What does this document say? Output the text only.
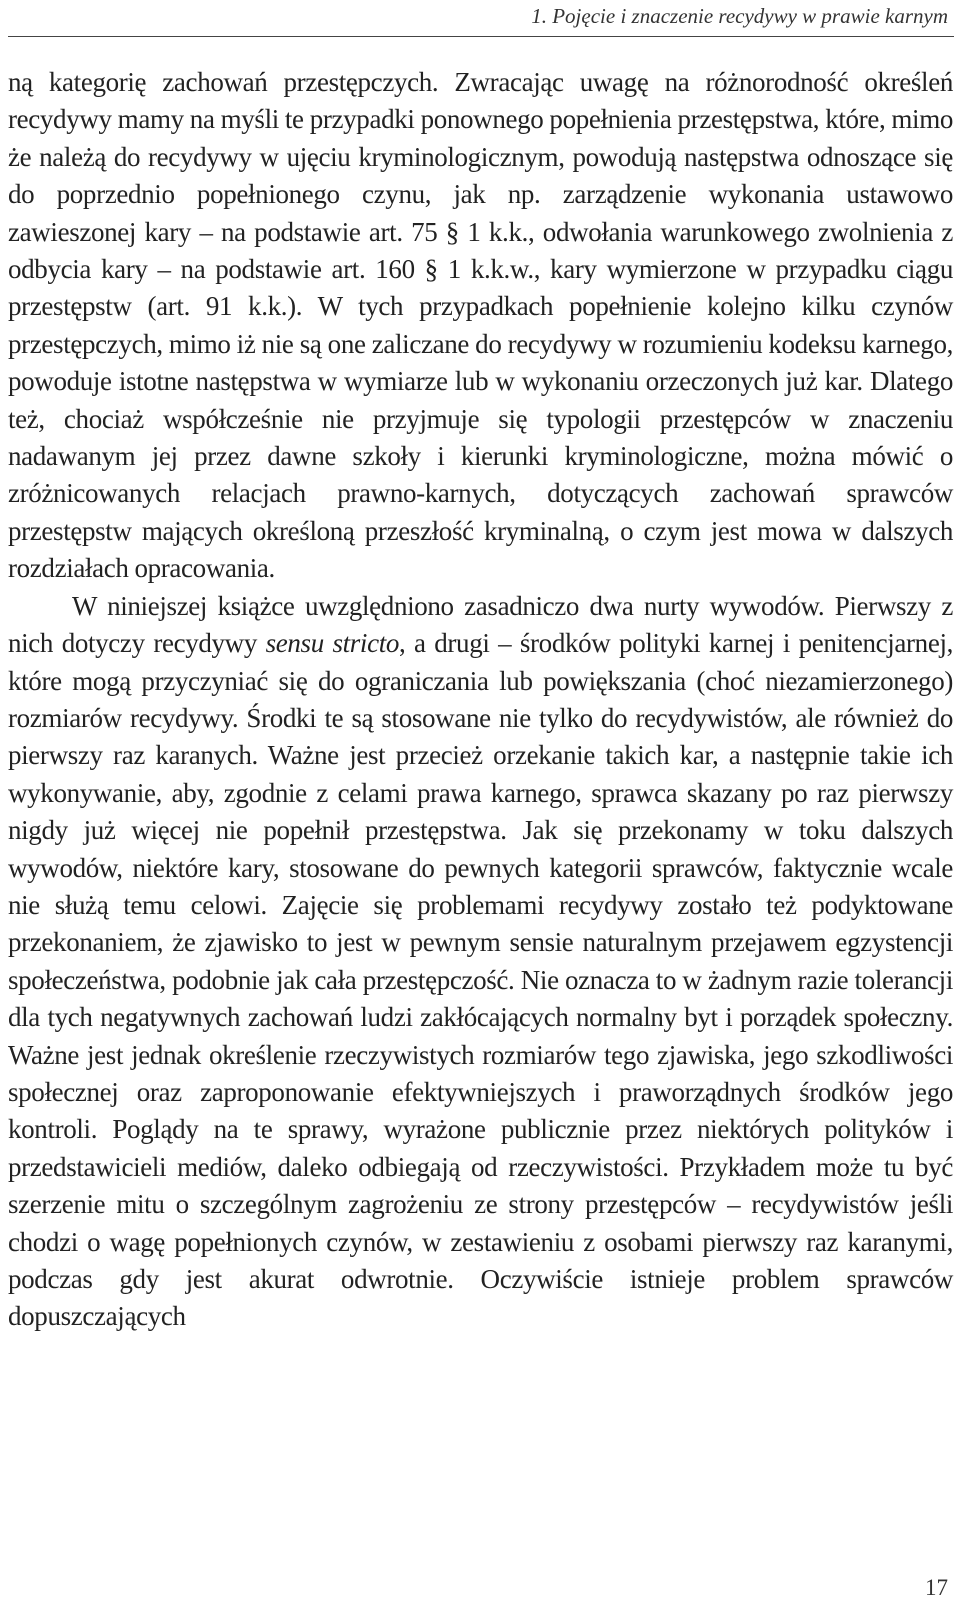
1. Pojęcie i znaczenie recydywy w prawie karnym

ną kategorię zachowań przestępczych. Zwracając uwagę na różnorodność określeń recydywy mamy na myśli te przypadki ponownego popełnienia przestępstwa, które, mimo że należą do recydywy w ujęciu kryminologicznym, powodują następstwa odnoszące się do poprzednio popełnionego czynu, jak np. zarządzenie wykonania ustawowo zawieszonej kary – na podstawie art. 75 § 1 k.k., odwołania warunkowego zwolnienia z odbycia kary – na podstawie art. 160 § 1 k.k.w., kary wymierzone w przypadku ciągu przestępstw (art. 91 k.k.). W tych przypadkach popełnienie kolejno kilku czynów przestępczych, mimo iż nie są one zaliczane do recydywy w rozumieniu kodeksu karnego, powoduje istotne następstwa w wymiarze lub w wykonaniu orzeczonych już kar. Dlatego też, chociaż współcześnie nie przyjmuje się typologii przestępców w znaczeniu nadawanym jej przez dawne szkoły i kierunki kryminologiczne, można mówić o zróżnicowanych relacjach prawno-karnych, dotyczących zachowań sprawców przestępstw mających określoną przeszłość kryminalną, o czym jest mowa w dalszych rozdziałach opracowania.

W niniejszej książce uwzględniono zasadniczo dwa nurty wywodów. Pierwszy z nich dotyczy recydywy sensu stricto, a drugi – środków polityki karnej i penitencjarnej, które mogą przyczyniać się do ograniczania lub powiększania (choć niezamierzonego) rozmiarów recydywy. Środki te są stosowane nie tylko do recydywistów, ale również do pierwszy raz karanych. Ważne jest przecież orzekanie takich kar, a następnie takie ich wykonywanie, aby, zgodnie z celami prawa karnego, sprawca skazany po raz pierwszy nigdy już więcej nie popełnił przestępstwa. Jak się przekonamy w toku dalszych wywodów, niektóre kary, stosowane do pewnych kategorii sprawców, faktycznie wcale nie służą temu celowi. Zajęcie się problemami recydywy zostało też podyktowane przekonaniem, że zjawisko to jest w pewnym sensie naturalnym przejawem egzystencji społeczeństwa, podobnie jak cała przestępczość. Nie oznacza to w żadnym razie tolerancji dla tych negatywnych zachowań ludzi zakłócających normalny byt i porządek społeczny. Ważne jest jednak określenie rzeczywistych rozmiarów tego zjawiska, jego szkodliwości społecznej oraz zaproponowanie efektywniejszych i praworządnych środków jego kontroli. Poglądy na te sprawy, wyrażone publicznie przez niektórych polityków i przedstawicieli mediów, daleko odbiegają od rzeczywistości. Przykładem może tu być szerzenie mitu o szczególnym zagrożeniu ze strony przestępców – recydywistów jeśli chodzi o wagę popełnionych czynów, w zestawieniu z osobami pierwszy raz karanymi, podczas gdy jest akurat odwrotnie. Oczywiście istnieje problem sprawców dopuszczających

17
